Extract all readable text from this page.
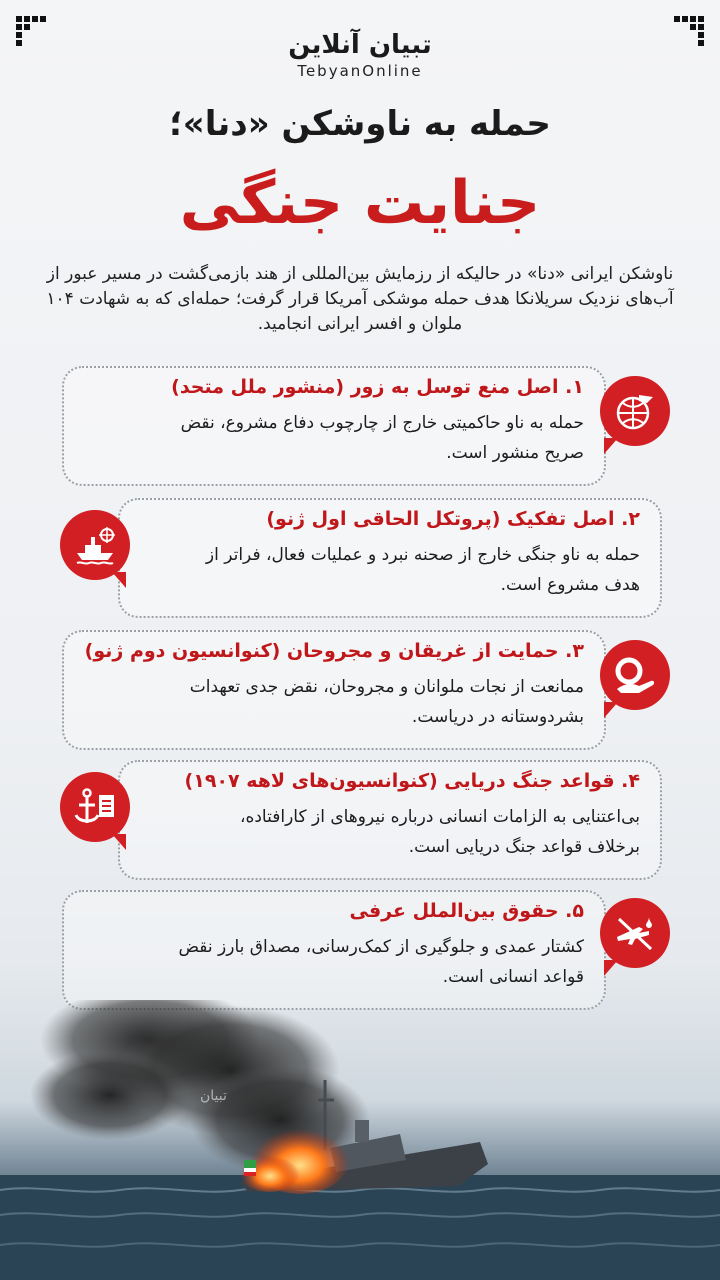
تبیان آنلاین
TebyanOnline
حمله به ناوشکن «دنا»؛
جنایت جنگی
ناوشکن ایرانی «دنا» در حالیکه از رزمایش بین‌المللی از هند بازمی‌گشت در مسیر عبور از آب‌های نزدیک سریلانکا هدف حمله موشکی آمریکا قرار گرفت؛ حمله‌ای که به شهادت ۱۰۴ ملوان و افسر ایرانی انجامید.
۱. اصل منع توسل به زور (منشور ملل متحد)
حمله به ناو حاکمیتی خارج از چارچوب دفاع مشروع، نقض
صریح منشور است.
۲. اصل تفکیک (پروتکل الحاقی اول ژنو)
حمله به ناو جنگی خارج از صحنه نبرد و عملیات فعال، فراتر از
هدف مشروع است.
۳. حمایت از غریقان و مجروحان (کنوانسیون دوم ژنو)
ممانعت از نجات ملوانان و مجروحان، نقض جدی تعهدات
بشردوستانه در دریاست.
۴. قواعد جنگ دریایی (کنوانسیون‌های لاهه ۱۹۰۷)
بی‌اعتنایی به الزامات انسانی درباره نیروهای از کارافتاده،
برخلاف قواعد جنگ دریایی است.
۵. حقوق بین‌الملل عرفی
کشتار عمدی و جلوگیری از کمک‌رسانی، مصداق بارز نقض
قواعد انسانی است.
تبیان
